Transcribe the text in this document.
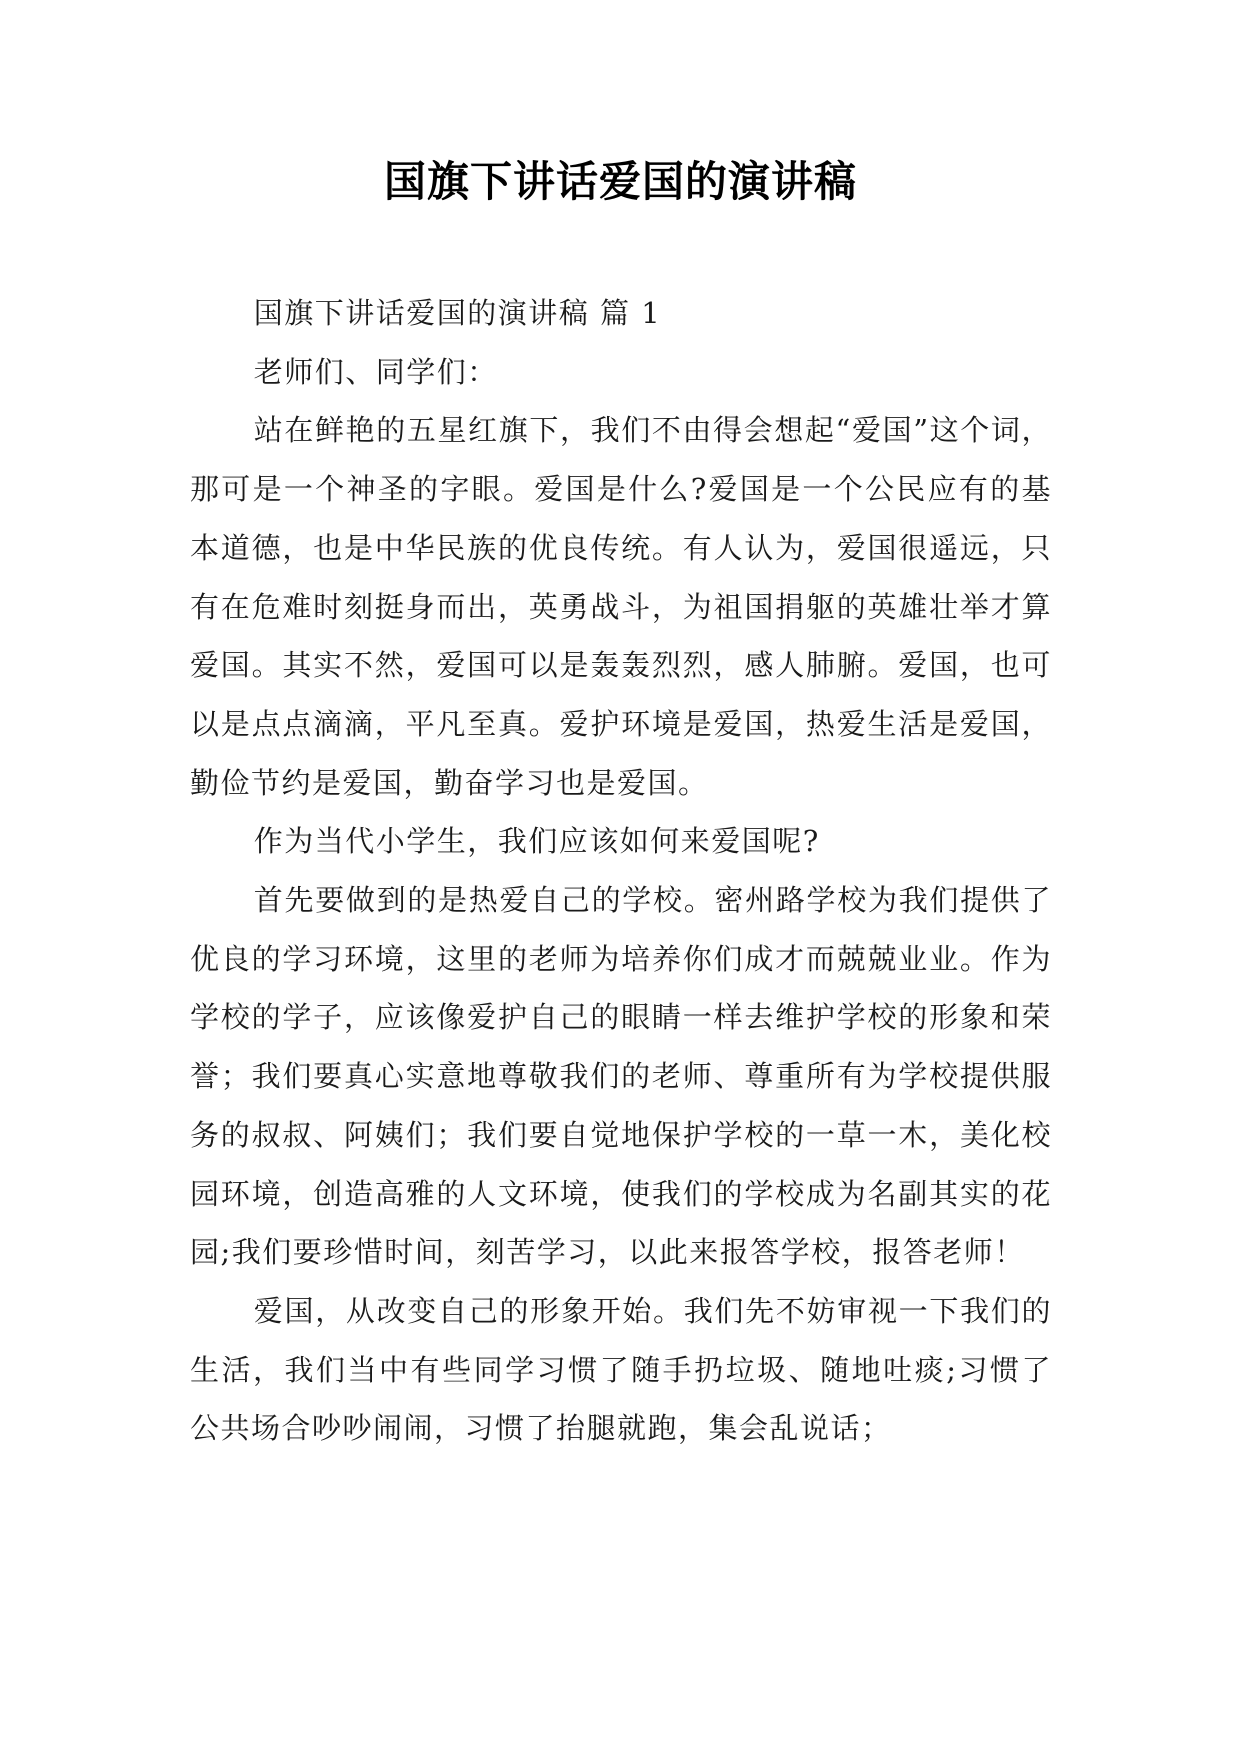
国旗下讲话爱国的演讲稿

国旗下讲话爱国的演讲稿 篇 1

老师们、同学们：

站在鲜艳的五星红旗下，我们不由得会想起“爱国”这个词，那可是一个神圣的字眼。爱国是什么?爱国是一个公民应有的基本道德，也是中华民族的优良传统。有人认为，爱国很遥远，只有在危难时刻挺身而出，英勇战斗，为祖国捐躯的英雄壮举才算爱国。其实不然，爱国可以是轰轰烈烈，感人肺腑。爱国，也可以是点点滴滴，平凡至真。爱护环境是爱国，热爱生活是爱国，勤俭节约是爱国，勤奋学习也是爱国。

作为当代小学生，我们应该如何来爱国呢?

首先要做到的是热爱自己的学校。密州路学校为我们提供了优良的学习环境，这里的老师为培养你们成才而兢兢业业。作为学校的学子，应该像爱护自己的眼睛一样去维护学校的形象和荣誉；我们要真心实意地尊敬我们的老师、尊重所有为学校提供服务的叔叔、阿姨们；我们要自觉地保护学校的一草一木，美化校园环境，创造高雅的人文环境，使我们的学校成为名副其实的花园;我们要珍惜时间，刻苦学习，以此来报答学校，报答老师！

爱国，从改变自己的形象开始。我们先不妨审视一下我们的生活，我们当中有些同学习惯了随手扔垃圾、随地吐痰;习惯了公共场合吵吵闹闹，习惯了抬腿就跑，集会乱说话；
